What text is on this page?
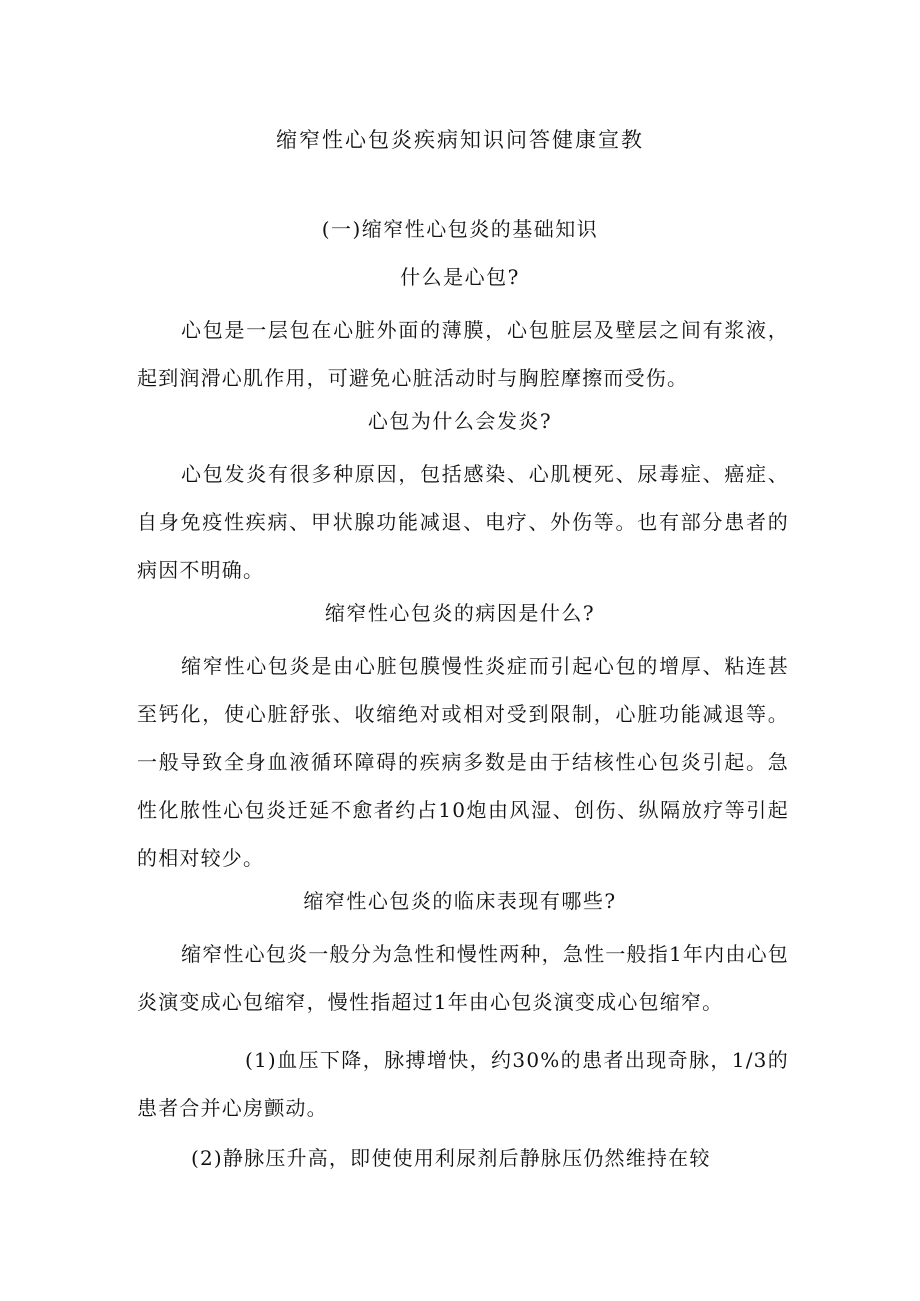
缩窄性心包炎疾病知识问答健康宣教
(一)缩窄性心包炎的基础知识
什么是心包?

心包是一层包在心脏外面的薄膜，心包脏层及壁层之间有浆液，起到润滑心肌作用，可避免心脏活动时与胸腔摩擦而受伤。

心包为什么会发炎?

心包发炎有很多种原因，包括感染、心肌梗死、尿毒症、癌症、自身免疫性疾病、甲状腺功能减退、电疗、外伤等。也有部分患者的病因不明确。

缩窄性心包炎的病因是什么?

缩窄性心包炎是由心脏包膜慢性炎症而引起心包的增厚、粘连甚至钙化，使心脏舒张、收缩绝对或相对受到限制，心脏功能减退等。一般导致全身血液循环障碍的疾病多数是由于结核性心包炎引起。急性化脓性心包炎迁延不愈者约占10炮由风湿、创伤、纵隔放疗等引起的相对较少。

缩窄性心包炎的临床表现有哪些?

缩窄性心包炎一般分为急性和慢性两种，急性一般指1年内由心包炎演变成心包缩窄，慢性指超过1年由心包炎演变成心包缩窄。

(1)血压下降，脉搏增快，约30%的患者出现奇脉，1/3的患者合并心房颤动。

(2)静脉压升高，即使使用利尿剂后静脉压仍然维持在较
